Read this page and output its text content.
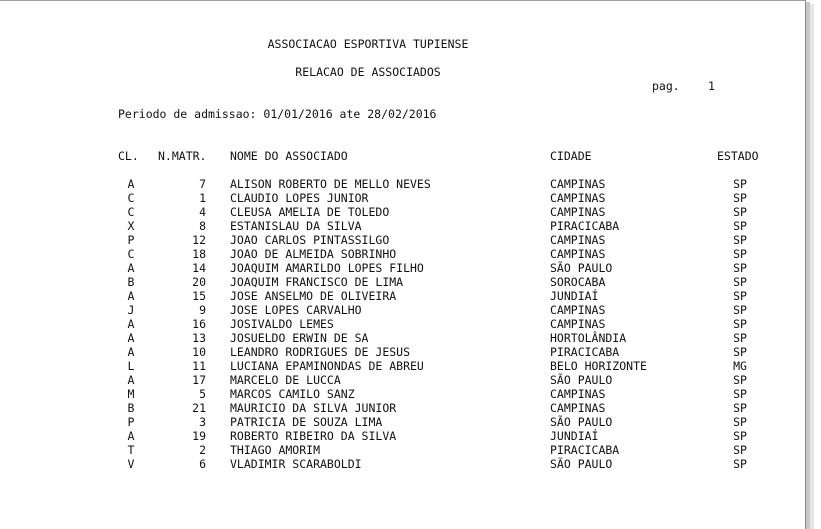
ASSOCIACAO ESPORTIVA TUPIENSE
RELACAO DE ASSOCIADOS
pag. 1
Periodo de admissao: 01/01/2016 ate 28/02/2016
CL. N.MATR. NOME DO ASSOCIADO	CIDADE	ESTADO
A	7 ALISON ROBERTO DE MELLO NEVES	CAMPINAS	SP
C	1 CLAUDIO LOPES JUNIOR	CAMPINAS	SP
C	4 CLEUSA AMELIA DE TOLEDO	CAMPINAS	SP
X	8 ESTANISLAU DA SILVA	PIRACICABA	SP
P	12 JOAO CARLOS PINTASSILGO	CAMPINAS	SP
C	18 JOAO DE ALMEIDA SOBRINHO	CAMPINAS	SP
A	14 JOAQUIM AMARILDO LOPES FILHO	SÃO PAULO	SP
B	20 JOAQUIM FRANCISCO DE LIMA	SOROCABA	SP
A	15 JOSE ANSELMO DE OLIVEIRA	JUNDIAÍ	SP
J	9 JOSE LOPES CARVALHO	CAMPINAS	SP
A	16 JOSIVALDO LEMES	CAMPINAS	SP
A	13 JOSUELDO ERWIN DE SA	HORTOLÂNDIA	SP
A	10 LEANDRO RODRIGUES DE JESUS	PIRACICABA	SP
L	11 LUCIANA EPAMINONDAS DE ABREU	BELO HORIZONTE	MG
A	17 MARCELO DE LUCCA	SÃO PAULO	SP
M	5 MARCOS CAMILO SANZ	CAMPINAS	SP
B	21 MAURICIO DA SILVA JUNIOR	CAMPINAS	SP
P	3 PATRICIA DE SOUZA LIMA	SÃO PAULO	SP
A	19 ROBERTO RIBEIRO DA SILVA	JUNDIAÍ	SP
T	2 THIAGO AMORIM	PIRACICABA	SP
V	6 VLADIMIR SCARABOLDI	SÃO PAULO	SP
